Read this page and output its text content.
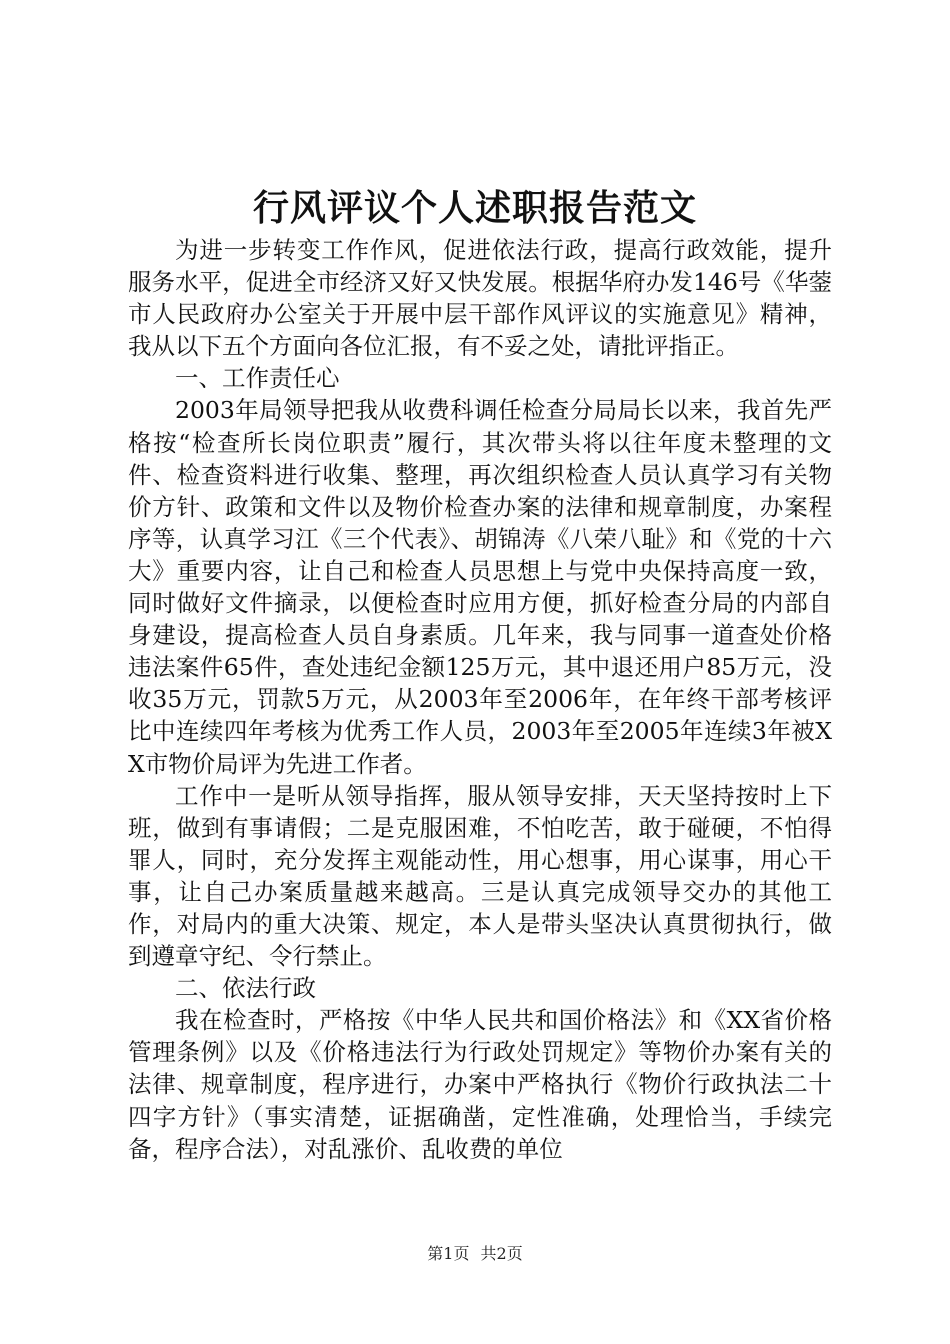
行风评议个人述职报告范文

为进一步转变工作作风，促进依法行政，提高行政效能，提升服务水平，促进全市经济又好又快发展。根据华府办发146号《华蓥市人民政府办公室关于开展中层干部作风评议的实施意见》精神，我从以下五个方面向各位汇报，有不妥之处，请批评指正。

一、工作责任心

2003年局领导把我从收费科调任检查分局局长以来，我首先严格按“检查所长岗位职责”履行，其次带头将以往年度未整理的文件、检查资料进行收集、整理，再次组织检查人员认真学习有关物价方针、政策和文件以及物价检查办案的法律和规章制度，办案程序等，认真学习江《三个代表》、胡锦涛《八荣八耻》和《党的十六大》重要内容，让自己和检查人员思想上与党中央保持高度一致，同时做好文件摘录，以便检查时应用方便，抓好检查分局的内部自身建设，提高检查人员自身素质。几年来，我与同事一道查处价格违法案件65件，查处违纪金额125万元，其中退还用户85万元，没收35万元，罚款5万元，从2003年至2006年，在年终干部考核评比中连续四年考核为优秀工作人员，2003年至2005年连续3年被XX市物价局评为先进工作者。

工作中一是听从领导指挥，服从领导安排，天天坚持按时上下班，做到有事请假；二是克服困难，不怕吃苦，敢于碰硬，不怕得罪人，同时，充分发挥主观能动性，用心想事，用心谋事，用心干事，让自己办案质量越来越高。三是认真完成领导交办的其他工作，对局内的重大决策、规定，本人是带头坚决认真贯彻执行，做到遵章守纪、令行禁止。

二、依法行政

我在检查时，严格按《中华人民共和国价格法》和《XX省价格管理条例》以及《价格违法行为行政处罚规定》等物价办案有关的法律、规章制度，程序进行，办案中严格执行《物价行政执法二十四字方针》（事实清楚，证据确凿，定性准确，处理恰当，手续完备，程序合法），对乱涨价、乱收费的单位

第1页 共2页
